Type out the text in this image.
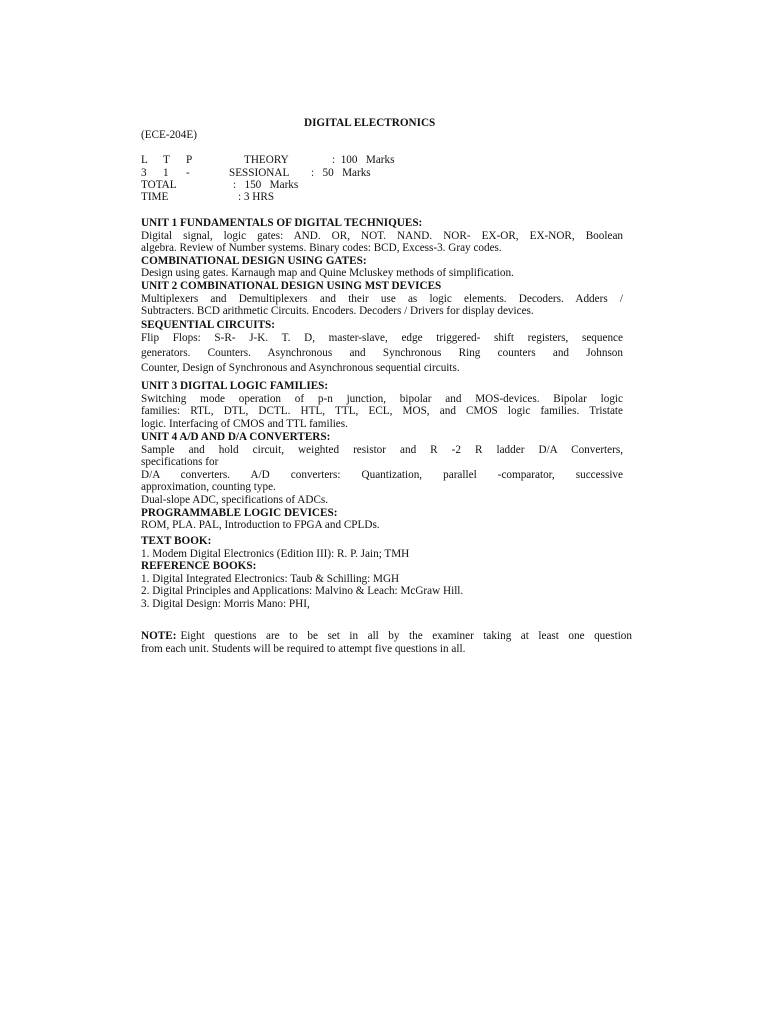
DIGITAL ELECTRONICS
(ECE-204E)
L T P	THEORY	:  100   Marks
3 1 -	SESSIONAL :   50   Marks
TOTAL	:   150   Marks
TIME	: 3 HRS
UNIT 1 FUNDAMENTALS OF DIGITAL TECHNIQUES:
Digital signal, logic gates: AND. OR, NOT. NAND. NOR- EX-OR, EX-NOR, Boolean
algebra. Review of Number systems. Binary codes: BCD, Excess-3. Gray codes.
COMBINATIONAL DESIGN USING GATES:
Design using gates. Karnaugh map and Quine Mcluskey methods of simplification.
UNIT 2 COMBINATIONAL DESIGN USING MST DEVICES
Multiplexers and Demultiplexers and their use as logic elements. Decoders. Adders /
Subtracters. BCD arithmetic Circuits. Encoders. Decoders / Drivers for display devices.
SEQUENTIAL CIRCUITS:
Flip Flops: S-R- J-K. T. D, master-slave, edge triggered- shift registers, sequence
generators. Counters. Asynchronous and Synchronous Ring counters and Johnson
Counter, Design of Synchronous and Asynchronous sequential circuits.
UNIT 3 DIGITAL LOGIC FAMILIES:
Switching mode operation of p-n junction, bipolar and MOS-devices. Bipolar logic
families: RTL, DTL, DCTL. HTL, TTL, ECL, MOS, and CMOS logic families. Tristate
logic. Interfacing of CMOS and TTL families.
UNIT 4 A/D AND D/A CONVERTERS:
Sample and hold circuit, weighted resistor and R -2 R ladder D/A Converters,
specifications for
D/A converters. A/D converters: Quantization, parallel -comparator, successive
approximation, counting type.
Dual-slope ADC, specifications of ADCs.
PROGRAMMABLE LOGIC DEVICES:
ROM, PLA. PAL, Introduction to FPGA and CPLDs.
TEXT BOOK:
1. Modem Digital Electronics (Edition III): R. P. Jain; TMH
REFERENCE BOOKS:
1. Digital Integrated Electronics: Taub & Schilling: MGH
2. Digital Principles and Applications: Malvino & Leach: McGraw Hill.
3. Digital Design: Morris Mano: PHI,
NOTE: Eight questions are to be set in all by the examiner taking at least one question
from each unit. Students will be required to attempt five questions in all.
